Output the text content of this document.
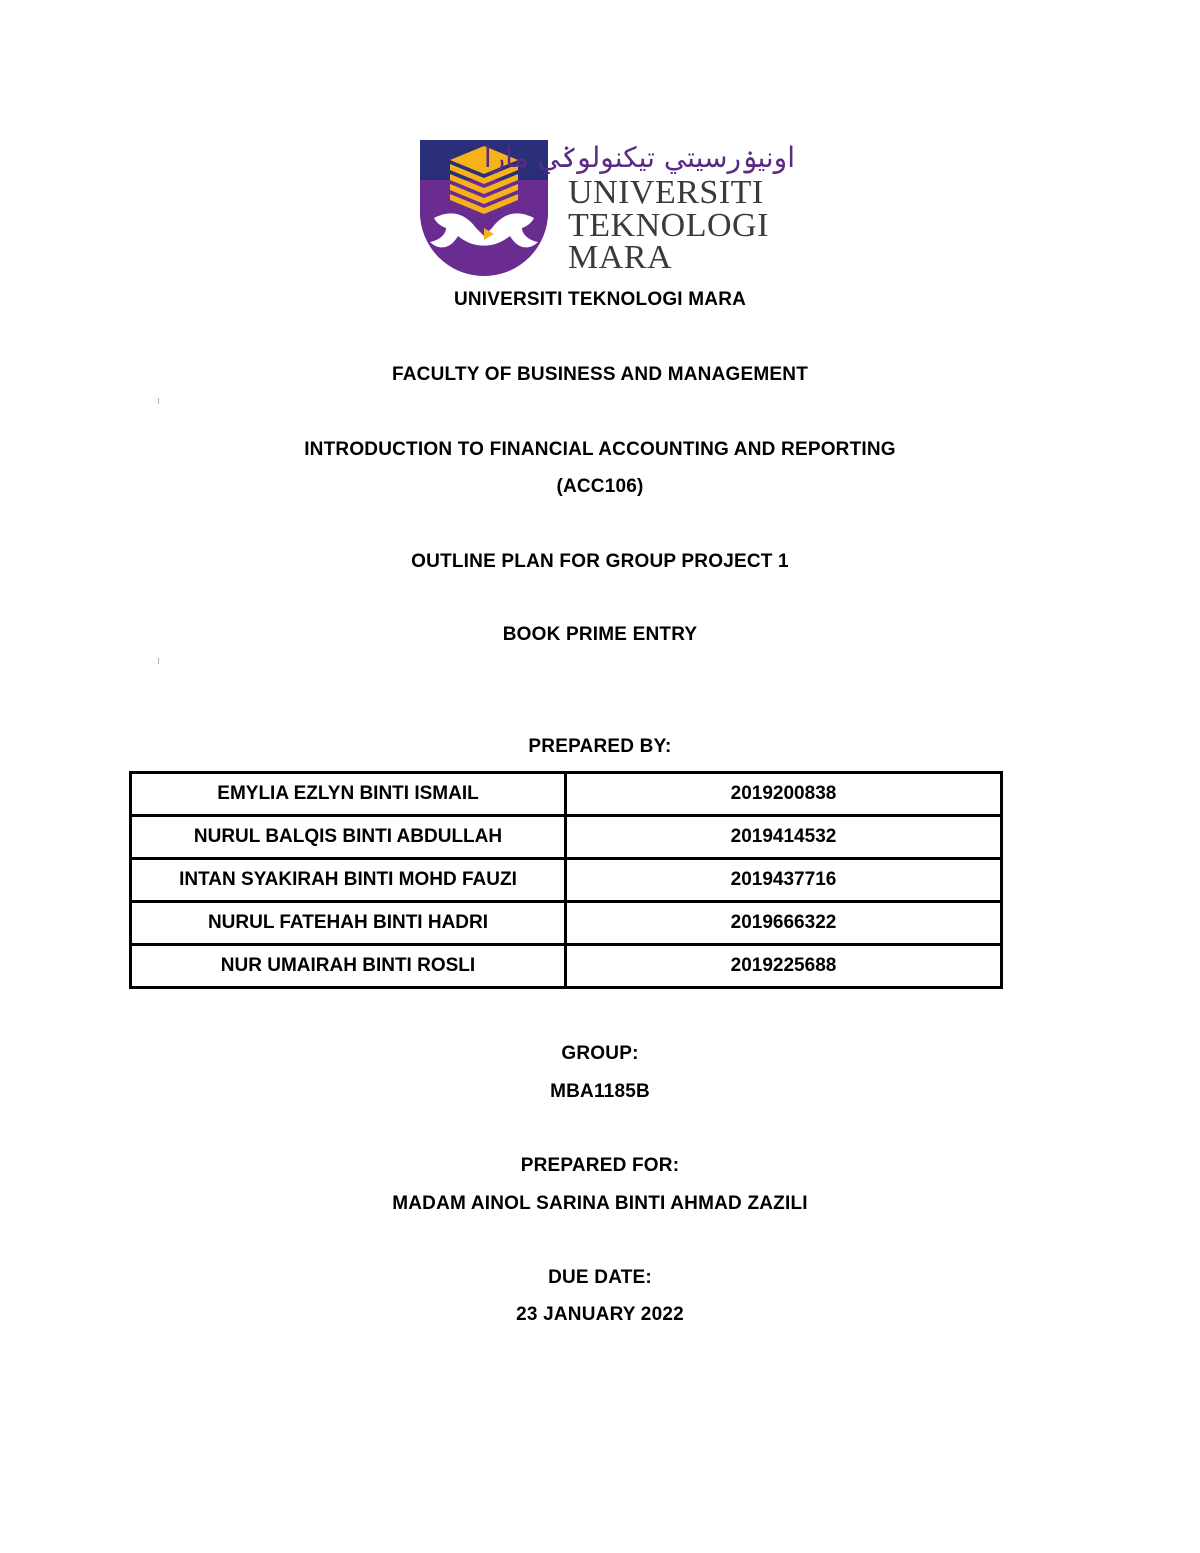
اونيۏرسيتي تيكنولوݢي مارا
UNIVERSITI
TEKNOLOGI
MARA
UNIVERSITI TEKNOLOGI MARA
FACULTY OF BUSINESS AND MANAGEMENT
INTRODUCTION TO FINANCIAL ACCOUNTING AND REPORTING
(ACC106)
OUTLINE PLAN FOR GROUP PROJECT 1
BOOK PRIME ENTRY
PREPARED BY:
EMYLIA EZLYN BINTI ISMAIL	2019200838
NURUL BALQIS BINTI ABDULLAH	2019414532
INTAN SYAKIRAH BINTI MOHD FAUZI	2019437716
NURUL FATEHAH BINTI HADRI	2019666322
NUR UMAIRAH BINTI ROSLI	2019225688
GROUP:
MBA1185B
PREPARED FOR:
MADAM AINOL SARINA BINTI AHMAD ZAZILI
DUE DATE:
23 JANUARY 2022
